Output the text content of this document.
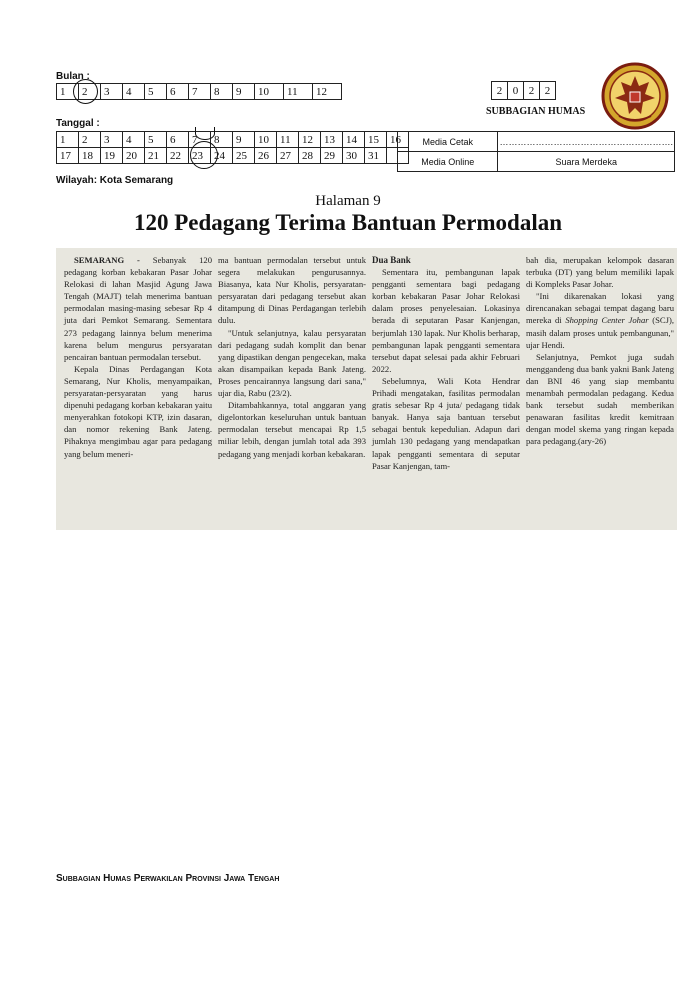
Bulan :
1	2	3	4	5	6	7	8	9	10	11	12	2	0	2	2
SUBBAGIAN HUMAS
Tanggal :
1	2	3	4	5	6	7	8	9	10	11	12	13	14	15	16
17	18	19	20	21	22	23	24	25	26	27	28	29	30	31	
Media Cetak	………………………………………………….
Media Online	Suara Merdeka
Wilayah: Kota Semarang
Halaman 9
120 Pedagang Terima Bantuan Permodalan

SEMARANG - Sebanyak 120 pedagang korban kebakaran Pasar Johar Relokasi di lahan Masjid Agung Jawa Tengah (MAJT) telah menerima bantuan permodalan masing-masing sebesar Rp 4 juta dari Pemkot Semarang. Sementara 273 pedagang lainnya belum menerima karena belum mengurus persyaratan pencairan bantuan permodalan tersebut.

Kepala Dinas Perdagangan Kota Semarang, Nur Kholis, menyampaikan, persyaratan-persyaratan yang harus dipenuhi pedagang korban kebakaran yaitu menyerahkan fotokopi KTP, izin dasaran, dan nomor rekening Bank Jateng. Pihaknya mengimbau agar para pedagang yang belum meneri-

ma bantuan permodalan tersebut untuk segera melakukan pengurusannya. Biasanya, kata Nur Kholis, persyaratan-persyaratan dari pedagang tersebut akan ditampung di Dinas Perdagangan terlebih dulu.

"Untuk selanjutnya, kalau persyaratan dari pedagang sudah komplit dan benar yang dipastikan dengan pengecekan, maka akan disampaikan kepada Bank Jateng. Proses pencairannya langsung dari sana," ujar dia, Rabu (23/2).

Ditambahkannya, total anggaran yang digelontorkan keseluruhan untuk bantuan permodalan tersebut mencapai Rp 1,5 miliar lebih, dengan jumlah total ada 393 pedagang yang menjadi korban kebakaran.

Dua Bank

Sementara itu, pembangunan lapak pengganti sementara bagi pedagang korban kebakaran Pasar Johar Relokasi dalam proses penyelesaian. Lokasinya berada di seputaran Pasar Kanjengan, berjumlah 130 lapak. Nur Kholis berharap, pembangunan lapak pengganti sementara tersebut dapat selesai pada akhir Februari 2022.

Sebelumnya, Wali Kota Hendrar Prihadi mengatakan, fasilitas permodalan gratis sebesar Rp 4 juta/ pedagang tidak banyak. Hanya saja bantuan tersebut sebagai bentuk kepedulian. Adapun dari jumlah 130 pedagang yang mendapatkan lapak pengganti sementara di seputar Pasar Kanjengan, tam-

bah dia, merupakan kelompok dasaran terbuka (DT) yang belum memiliki lapak di Kompleks Pasar Johar.

"Ini dikarenakan lokasi yang direncanakan sebagai tempat dagang baru mereka di Shopping Center Johar (SCJ), masih dalam proses untuk pembangunan," ujar Hendi.

Selanjutnya, Pemkot juga sudah menggandeng dua bank yakni Bank Jateng dan BNI 46 yang siap membantu menambah permodalan pedagang. Kedua bank tersebut sudah memberikan penawaran fasilitas kredit kemitraan dengan model skema yang ringan kepada para pedagang.(ary-26)

Subbagian Humas Perwakilan Provinsi Jawa Tengah
